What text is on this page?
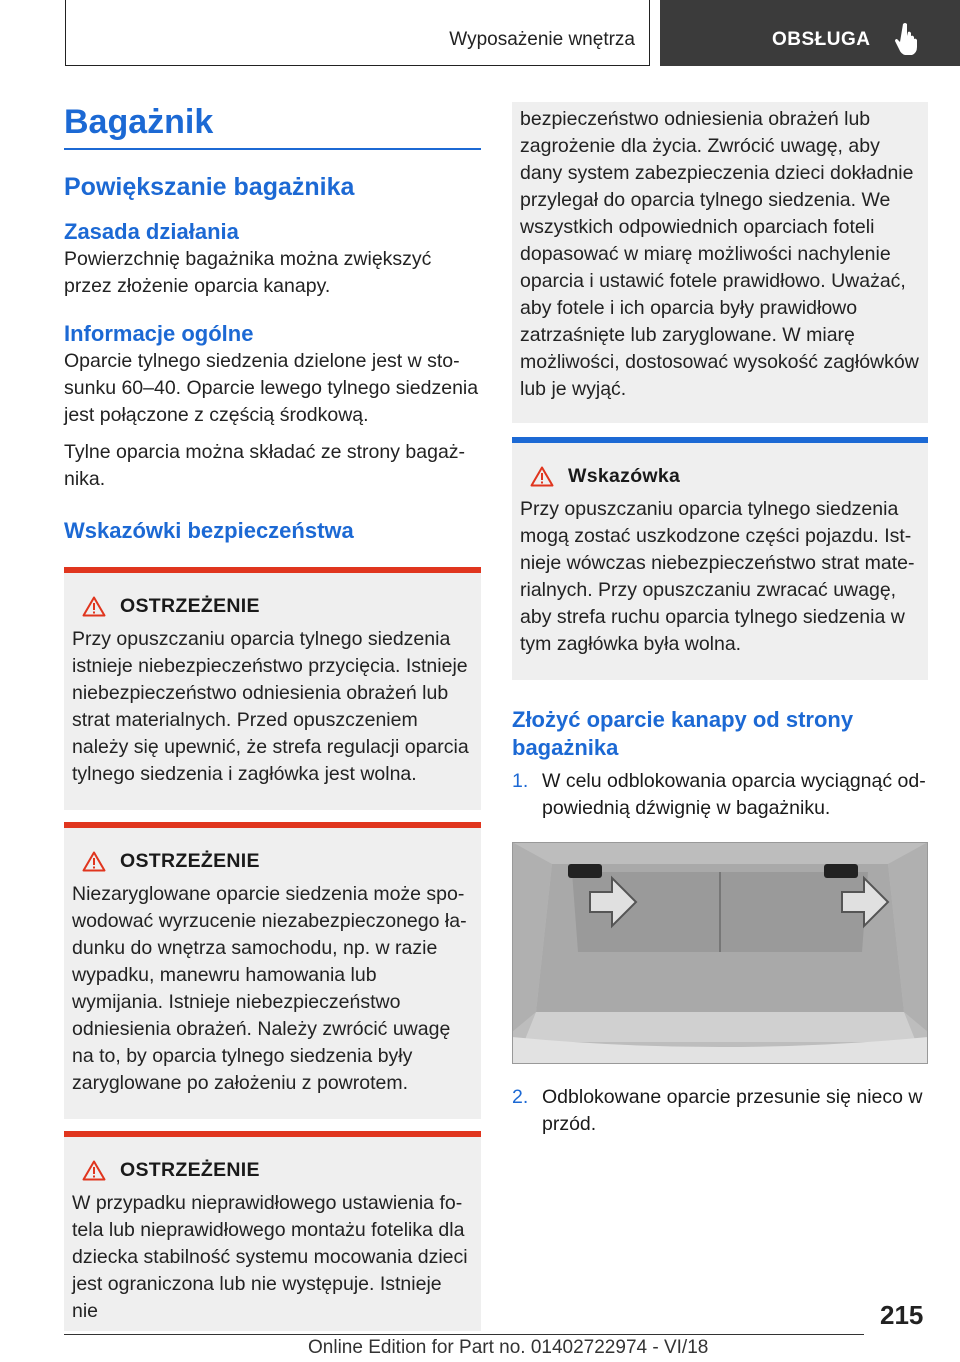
Wyposażenie wnętrza	OBSŁUGA
Bagażnik
Powiększanie bagażnika
Zasada działania

Powierzchnię bagażnika można zwiększyć przez złożenie oparcia kanapy.

Informacje ogólne

Oparcie tylnego siedzenia dzielone jest w stosunku 60–40. Oparcie lewego tylnego siedzenia jest połączone z częścią środkową.

Tylne oparcia można składać ze strony bagażnika.

Wskazówki bezpieczeństwa
OSTRZEŻENIE

Przy opuszczaniu oparcia tylnego siedzenia istnieje niebezpieczeństwo przycięcia. Istnieje niebezpieczeństwo odniesienia obrażeń lub strat materialnych. Przed opuszczeniem należy się upewnić, że strefa regulacji oparcia tylnego siedzenia i zagłówka jest wolna.

OSTRZEŻENIE

Niezaryglowane oparcie siedzenia może spowodować wyrzucenie niezabezpieczonego ładunku do wnętrza samochodu, np. w razie wypadku, manewru hamowania lub wymijania. Istnieje niebezpieczeństwo odniesienia obrażeń. Należy zwrócić uwagę na to, by oparcia tylnego siedzenia były zaryglowane po założeniu z powrotem.

OSTRZEŻENIE

W przypadku nieprawidłowego ustawienia fotela lub nieprawidłowego montażu fotelika dla dziecka stabilność systemu mocowania dzieci jest ograniczona lub nie występuje. Istnieje nie

bezpieczeństwo odniesienia obrażeń lub zagrożenie dla życia. Zwrócić uwagę, aby dany system zabezpieczenia dzieci dokładnie przylegał do oparcia tylnego siedzenia. We wszystkich odpowiednich oparciach foteli dopasować w miarę możliwości nachylenie oparcia i ustawić fotele prawidłowo. Uważać, aby fotele i ich oparcia były prawidłowo zatrzaśnięte lub zaryglowane. W miarę możliwości, dostosować wysokość zagłówków lub je wyjąć.

Wskazówka

Przy opuszczaniu oparcia tylnego siedzenia mogą zostać uszkodzone części pojazdu. Istnieje wówczas niebezpieczeństwo strat materialnych. Przy opuszczaniu zwracać uwagę, aby strefa ruchu oparcia tylnego siedzenia w tym zagłówka była wolna.

Złożyć oparcie kanapy od strony bagażnika
1. W celu odblokowania oparcia wyciągnąć odpowiednią dźwignię w bagażniku.
2. Odblokowane oparcie przesunie się nieco w przód.
215
Online Edition for Part no. 01402722974 - VI/18
